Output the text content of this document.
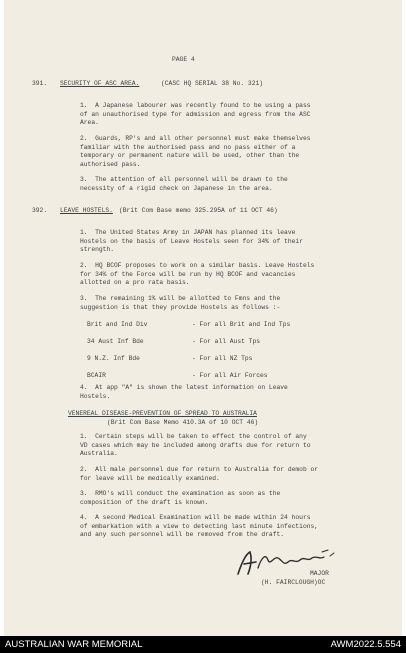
PAGE 4
391. SECURITY OF ASC AREA.	(CASC HQ SERIAL 38 No. 321)
1.  A Japanese labourer was recently found to be using a pass
of an unauthorised type for admission and egress from the ASC
Area.
2.  Guards, RP's and all other personnel must make themselves
familiar with the authorised pass and no pass either of a
temporary or permanent nature will be used, other than the
authorised pass.
3.  The attention of all personnel will be drawn to the
necessity of a rigid check on Japanese in the area.
392. LEAVE HOSTELS. (Brit Com Base memo 325.295A of 11 OCT 46)
1.  The United States Army in JAPAN has planned its leave
Hostels on the basis of Leave Hostels seen for 34% of their
strength.
2.  HQ BCOF proposes to work on a similar basis. Leave Hostels
for 34% of the Force will be run by HQ BCOF and vacancies
allotted on a pro rata basis.
3.  The remaining 1% will be allotted to Fmns and the
suggestion is that they provide Hostels as follows :-
Brit and Ind Div	- For all Brit and Ind Tps
34 Aust Inf Bde	- For all Aust Tps
9 N.Z. Inf Bde	- For all NZ Tps
BCAIR	- For all Air Forces
4.  At app "A" is shown the latest information on Leave
Hostels.
VENEREAL DISEASE-PREVENTION OF SPREAD TO AUSTRALIA
(Brit Com Base Memo 410.3A of 10 OCT 46)
1.  Certain steps will be taken to effect the control of any
VD cases which may be included among drafts due for return to
Australia.
2.  All male personnel due for return to Australia for demob or
for leave will be medically examined.
3.  RMO's will conduct the examination as soon as the
composition of the draft is known.
4.  A second Medical Examination will be made within 24 hours
of embarkation with a view to detecting last minute infections,
and any such personnel will be removed from the draft.
MAJOR
(H. FAIRCLOUGH)OC
AUSTRALIAN WAR MEMORIAL	AWM2022.5.554
